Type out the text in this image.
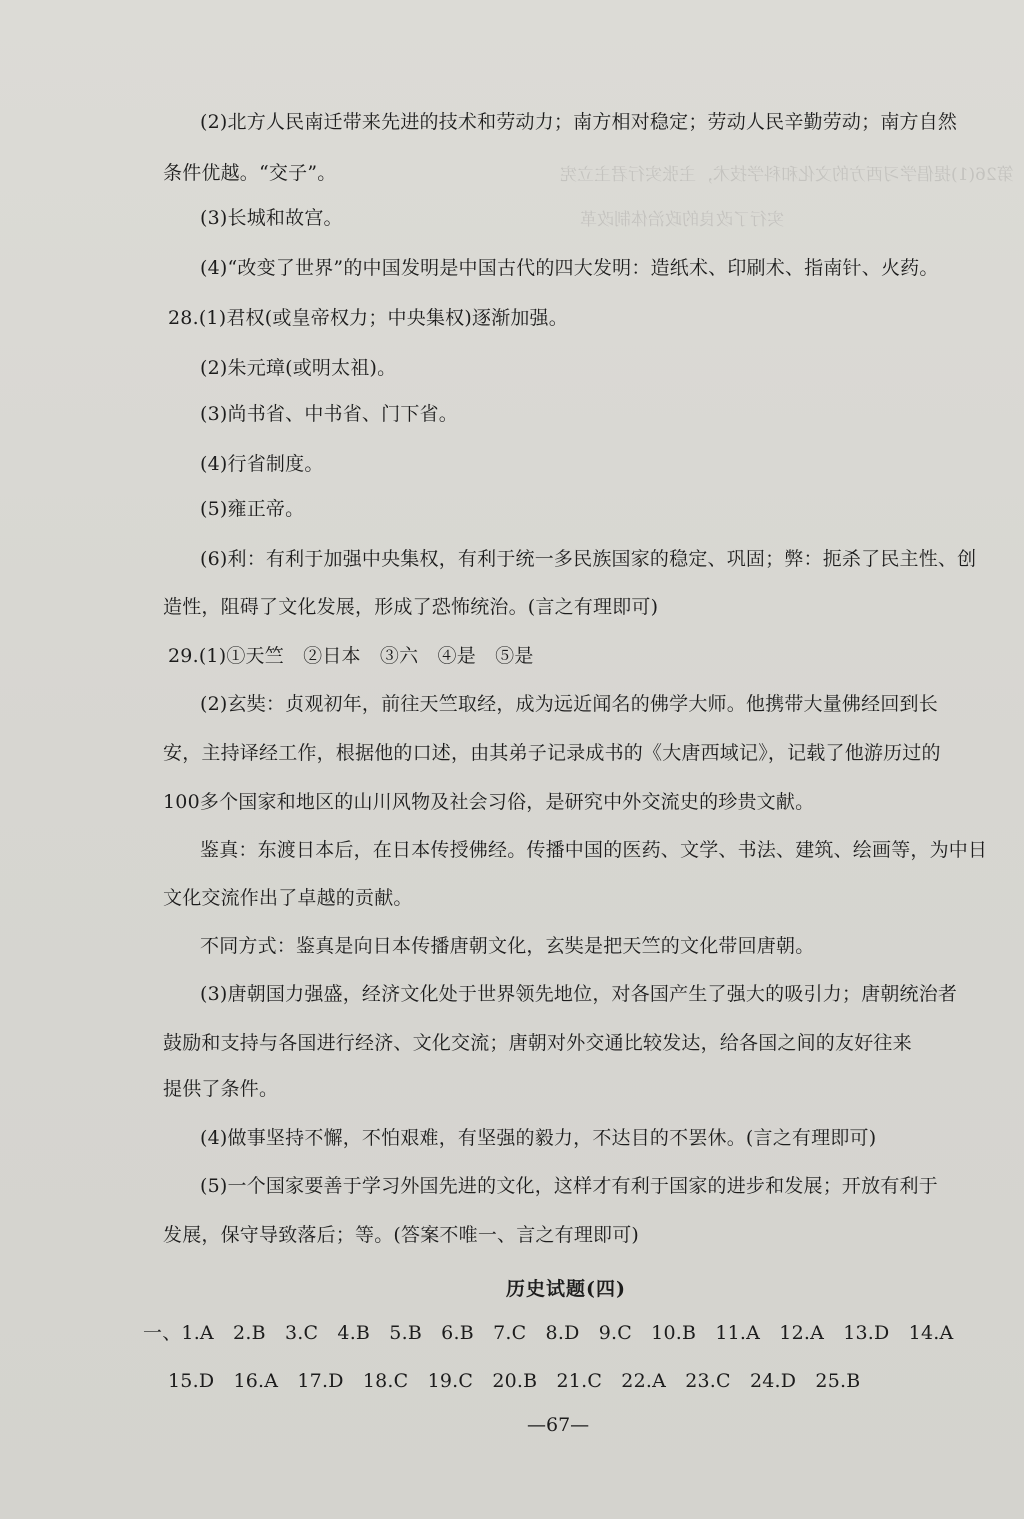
第26(1)提倡学习西方的文化和科学技术，主张实行君主立宪
实行了改良的政治体制改革
(2)北方人民南迁带来先进的技术和劳动力；南方相对稳定；劳动人民辛勤劳动；南方自然
条件优越。“交子”。
(3)长城和故宫。
(4)“改变了世界”的中国发明是中国古代的四大发明：造纸术、印刷术、指南针、火药。
28.(1)君权(或皇帝权力；中央集权)逐渐加强。
(2)朱元璋(或明太祖)。
(3)尚书省、中书省、门下省。
(4)行省制度。
(5)雍正帝。
(6)利：有利于加强中央集权，有利于统一多民族国家的稳定、巩固；弊：扼杀了民主性、创
造性，阻碍了文化发展，形成了恐怖统治。(言之有理即可)
29.(1)①天竺　②日本　③六　④是　⑤是
(2)玄奘：贞观初年，前往天竺取经，成为远近闻名的佛学大师。他携带大量佛经回到长
安，主持译经工作，根据他的口述，由其弟子记录成书的《大唐西域记》，记载了他游历过的
100多个国家和地区的山川风物及社会习俗，是研究中外交流史的珍贵文献。
鉴真：东渡日本后，在日本传授佛经。传播中国的医药、文学、书法、建筑、绘画等，为中日
文化交流作出了卓越的贡献。
不同方式：鉴真是向日本传播唐朝文化，玄奘是把天竺的文化带回唐朝。
(3)唐朝国力强盛，经济文化处于世界领先地位，对各国产生了强大的吸引力；唐朝统治者
鼓励和支持与各国进行经济、文化交流；唐朝对外交通比较发达，给各国之间的友好往来
提供了条件。
(4)做事坚持不懈，不怕艰难，有坚强的毅力，不达目的不罢休。(言之有理即可)
(5)一个国家要善于学习外国先进的文化，这样才有利于国家的进步和发展；开放有利于
发展，保守导致落后；等。(答案不唯一、言之有理即可)
历史试题(四)
一、1.A　2.B　3.C　4.B　5.B　6.B　7.C　8.D　9.C　10.B　11.A　12.A　13.D　14.A
15.D　16.A　17.D　18.C　19.C　20.B　21.C　22.A　23.C　24.D　25.B
—67—
